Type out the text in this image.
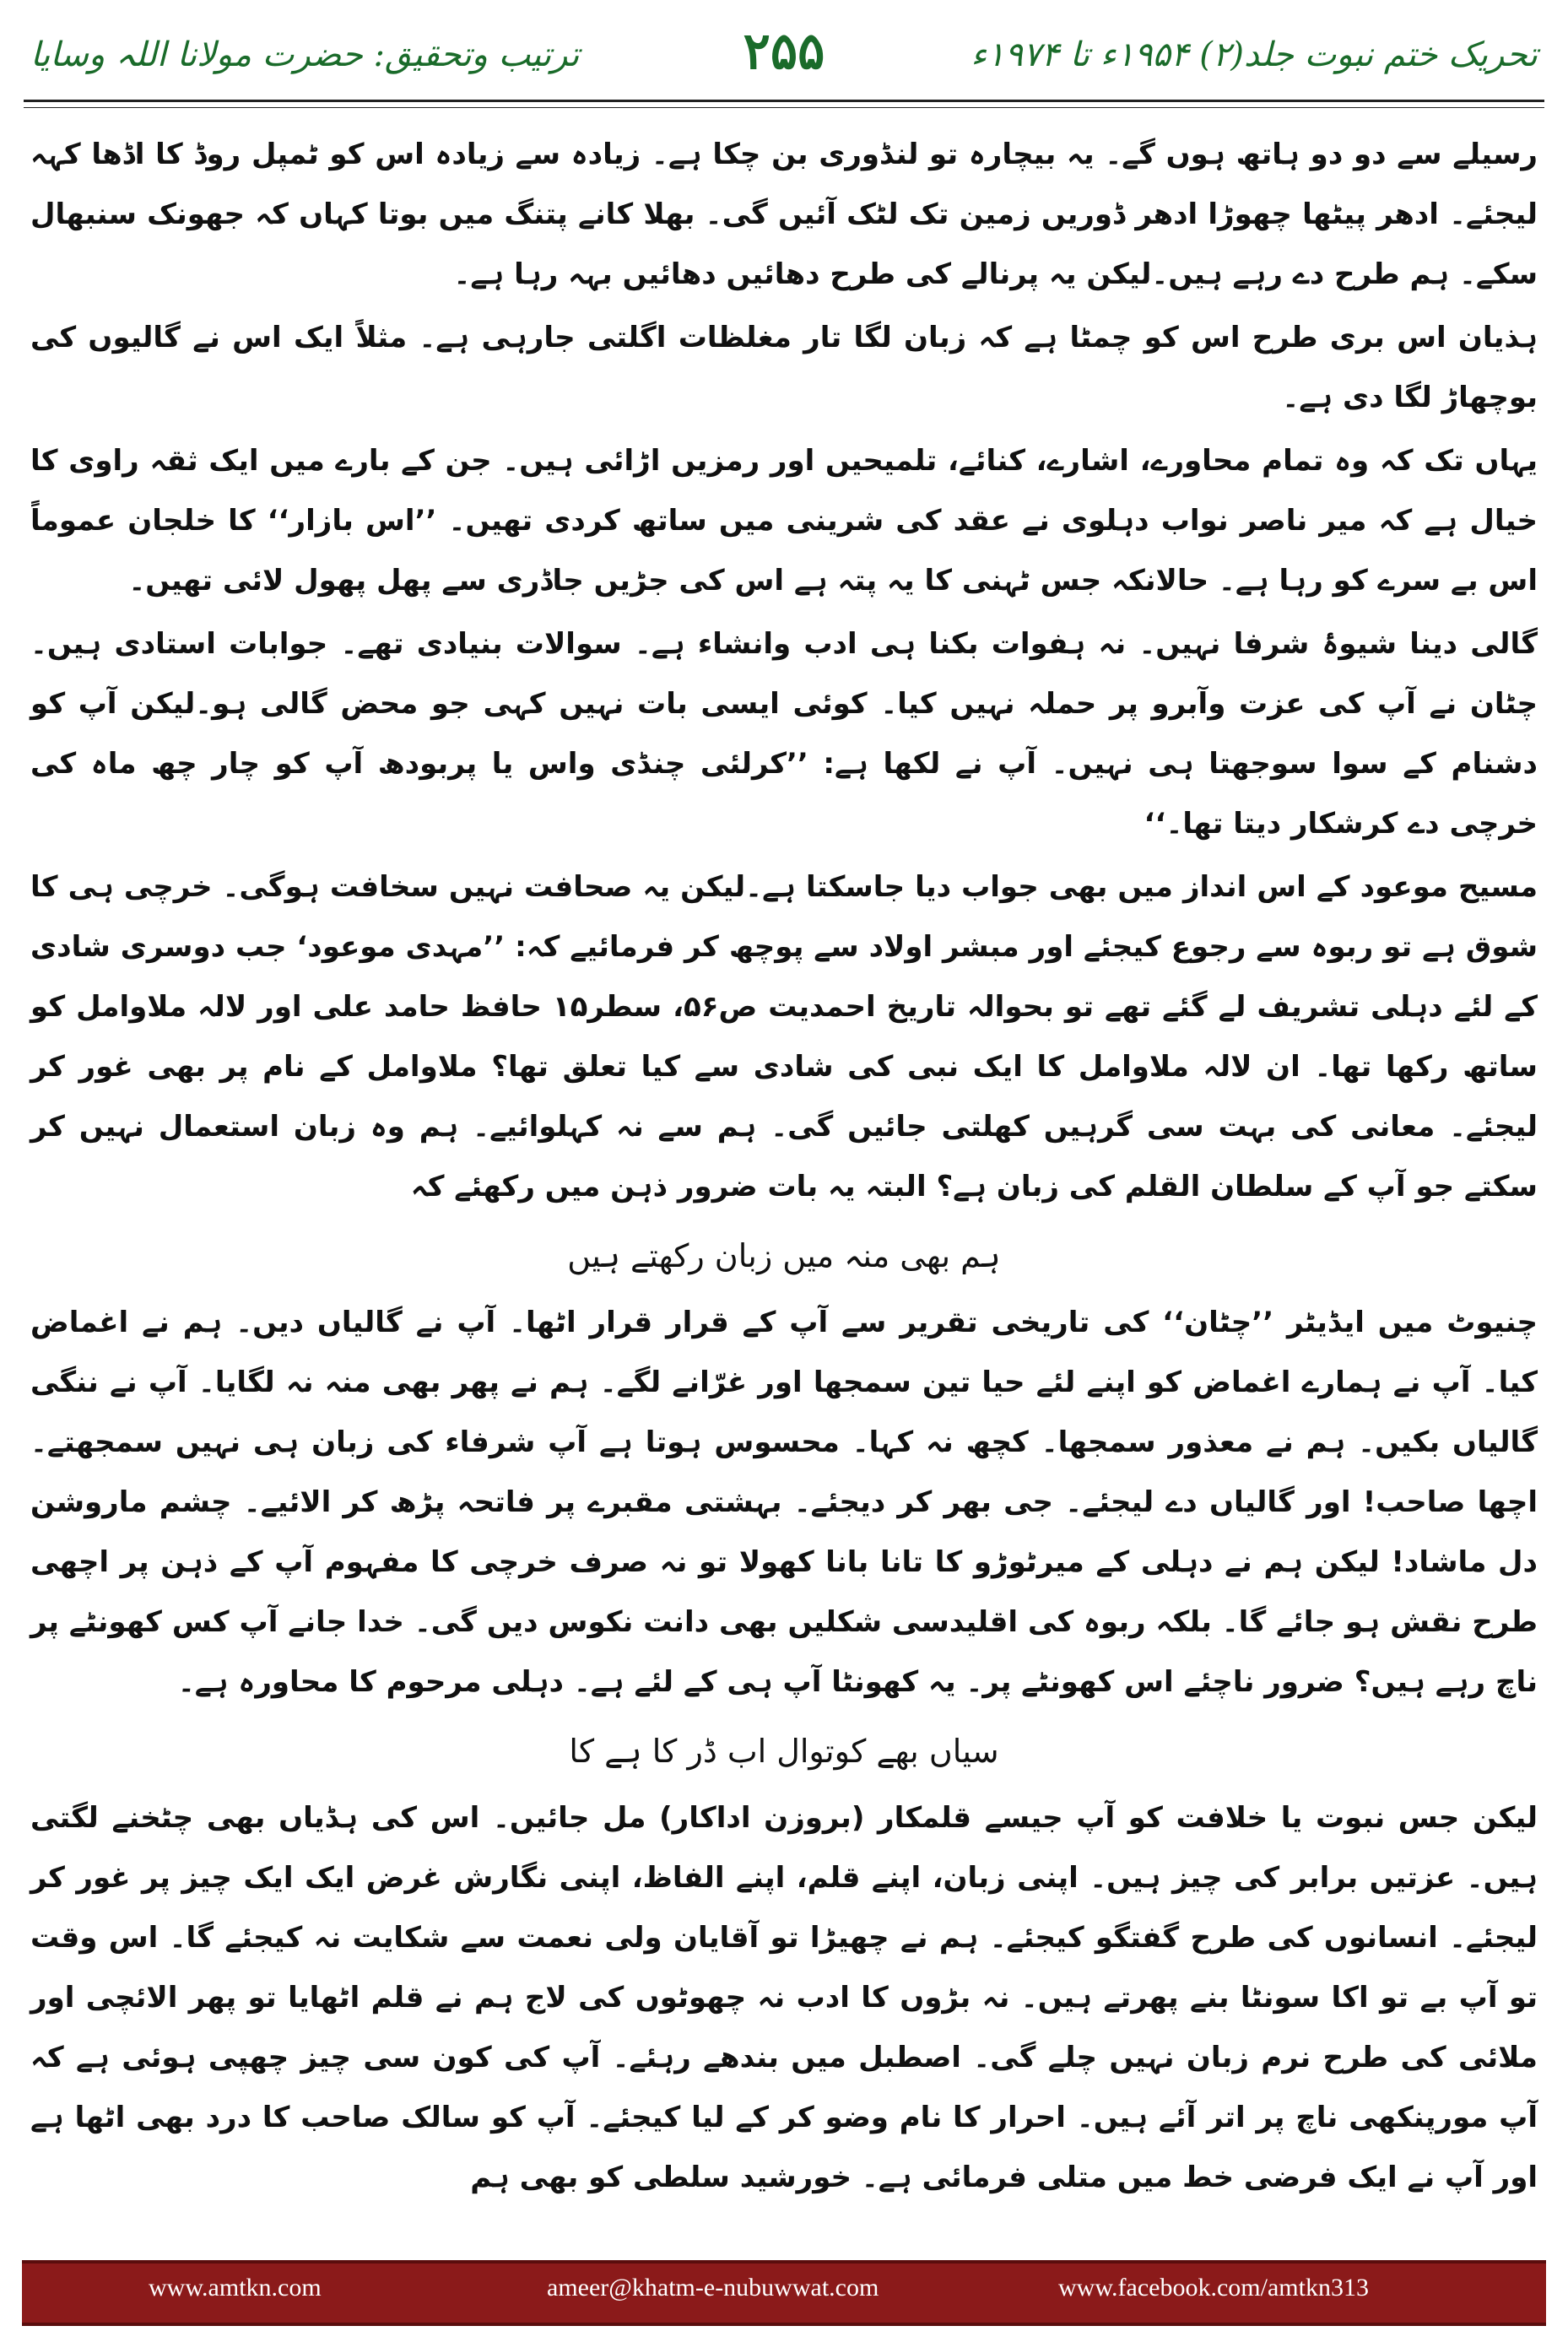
تحریک ختم نبوت جلد(۲) ۱۹۵۴ء تا ۱۹۷۴ء
۲۵۵
ترتیب وتحقیق: حضرت مولانا اللہ وسایا

رسیلے سے دو دو ہاتھ ہوں گے۔ یہ بیچارہ تو لنڈوری بن چکا ہے۔ زیادہ سے زیادہ اس کو ٹمپل روڈ کا اڈھا کہہ لیجئے۔ ادھر پیٹھا چھوڑا ادھر ڈوریں زمین تک لٹک آئیں گی۔ بھلا کانے پتنگ میں بوتا کہاں کہ جھونک سنبھال سکے۔ ہم طرح دے رہے ہیں۔لیکن یہ پرنالے کی طرح دھائیں دھائیں بہہ رہا ہے۔

ہذیان اس بری طرح اس کو چمٹا ہے کہ زبان لگا تار مغلظات اگلتی جارہی ہے۔ مثلاً ایک اس نے گالیوں کی بوچھاڑ لگا دی ہے۔

یہاں تک کہ وہ تمام محاورے، اشارے، کنائے، تلمیحیں اور رمزیں اڑائی ہیں۔ جن کے بارے میں ایک ثقہ راوی کا خیال ہے کہ میر ناصر نواب دہلوی نے عقد کی شرینی میں ساتھ کردی تھیں۔ ’’اس بازار‘‘ کا خلجان عموماً اس بے سرے کو رہا ہے۔ حالانکہ جس ٹہنی کا یہ پتہ ہے اس کی جڑیں جاڈری سے پھل پھول لائی تھیں۔

گالی دینا شیوۂ شرفا نہیں۔ نہ ہفوات بکنا ہی ادب وانشاء ہے۔ سوالات بنیادی تھے۔ جوابات استادی ہیں۔ چٹان نے آپ کی عزت وآبرو پر حملہ نہیں کیا۔ کوئی ایسی بات نہیں کہی جو محض گالی ہو۔لیکن آپ کو دشنام کے سوا سوجھتا ہی نہیں۔ آپ نے لکھا ہے: ’’کرلئی چنڈی واس یا پربودھ آپ کو چار چھ ماہ کی خرچی دے کرشکار دیتا تھا۔‘‘

مسیح موعود کے اس انداز میں بھی جواب دیا جاسکتا ہے۔لیکن یہ صحافت نہیں سخافت ہوگی۔ خرچی ہی کا شوق ہے تو ربوہ سے رجوع کیجئے اور مبشر اولاد سے پوچھ کر فرمائیے کہ: ’’مہدی موعود‘ جب دوسری شادی کے لئے دہلی تشریف لے گئے تھے تو بحوالہ تاریخ احمدیت ص۵۶، سطر۱۵ حافظ حامد علی اور لالہ ملاوامل کو ساتھ رکھا تھا۔ ان لالہ ملاوامل کا ایک نبی کی شادی سے کیا تعلق تھا؟ ملاوامل کے نام پر بھی غور کر لیجئے۔ معانی کی بہت سی گرہیں کھلتی جائیں گی۔ ہم سے نہ کہلوائیے۔ ہم وہ زبان استعمال نہیں کر سکتے جو آپ کے سلطان القلم کی زبان ہے؟ البتہ یہ بات ضرور ذہن میں رکھئے کہ

ہم بھی منہ میں زبان رکھتے ہیں

چنیوٹ میں ایڈیٹر ’’چٹان‘‘ کی تاریخی تقریر سے آپ کے قرار قرار اٹھا۔ آپ نے گالیاں دیں۔ ہم نے اغماض کیا۔ آپ نے ہمارے اغماض کو اپنے لئے حیا تین سمجھا اور غرّانے لگے۔ ہم نے پھر بھی منہ نہ لگایا۔ آپ نے ننگی گالیاں بکیں۔ ہم نے معذور سمجھا۔ کچھ نہ کہا۔ محسوس ہوتا ہے آپ شرفاء کی زبان ہی نہیں سمجھتے۔ اچھا صاحب! اور گالیاں دے لیجئے۔ جی بھر کر دیجئے۔ بہشتی مقبرے پر فاتحہ پڑھ کر الائیے۔ چشم ماروشن دل ماشاد! لیکن ہم نے دہلی کے میرٹوڑو کا تانا بانا کھولا تو نہ صرف خرچی کا مفہوم آپ کے ذہن پر اچھی طرح نقش ہو جائے گا۔ بلکہ ربوہ کی اقلیدسی شکلیں بھی دانت نکوس دیں گی۔ خدا جانے آپ کس کھونٹے پر ناچ رہے ہیں؟ ضرور ناچئے اس کھونٹے پر۔ یہ کھونٹا آپ ہی کے لئے ہے۔ دہلی مرحوم کا محاورہ ہے۔

سیاں بھے کوتوال اب ڈر کا ہے کا

لیکن جس نبوت یا خلافت کو آپ جیسے قلمکار (بروزن اداکار) مل جائیں۔ اس کی ہڈیاں بھی چٹخنے لگتی ہیں۔ عزتیں برابر کی چیز ہیں۔ اپنی زبان، اپنے قلم، اپنے الفاظ، اپنی نگارش غرض ایک ایک چیز پر غور کر لیجئے۔ انسانوں کی طرح گفتگو کیجئے۔ ہم نے چھیڑا تو آقایان ولی نعمت سے شکایت نہ کیجئے گا۔ اس وقت تو آپ بے تو اکا سونٹا بنے پھرتے ہیں۔ نہ بڑوں کا ادب نہ چھوٹوں کی لاج ہم نے قلم اٹھایا تو پھر الائچی اور ملائی کی طرح نرم زبان نہیں چلے گی۔ اصطبل میں بندھے رہئے۔ آپ کی کون سی چیز چھپی ہوئی ہے کہ آپ مورپنکھی ناچ پر اتر آئے ہیں۔ احرار کا نام وضو کر کے لیا کیجئے۔ آپ کو سالک صاحب کا درد بھی اٹھا ہے اور آپ نے ایک فرضی خط میں متلی فرمائی ہے۔ خورشید سلطی کو بھی ہم

www.amtkn.com	ameer@khatm-e-nubuwwat.com	www.facebook.com/amtkn313
